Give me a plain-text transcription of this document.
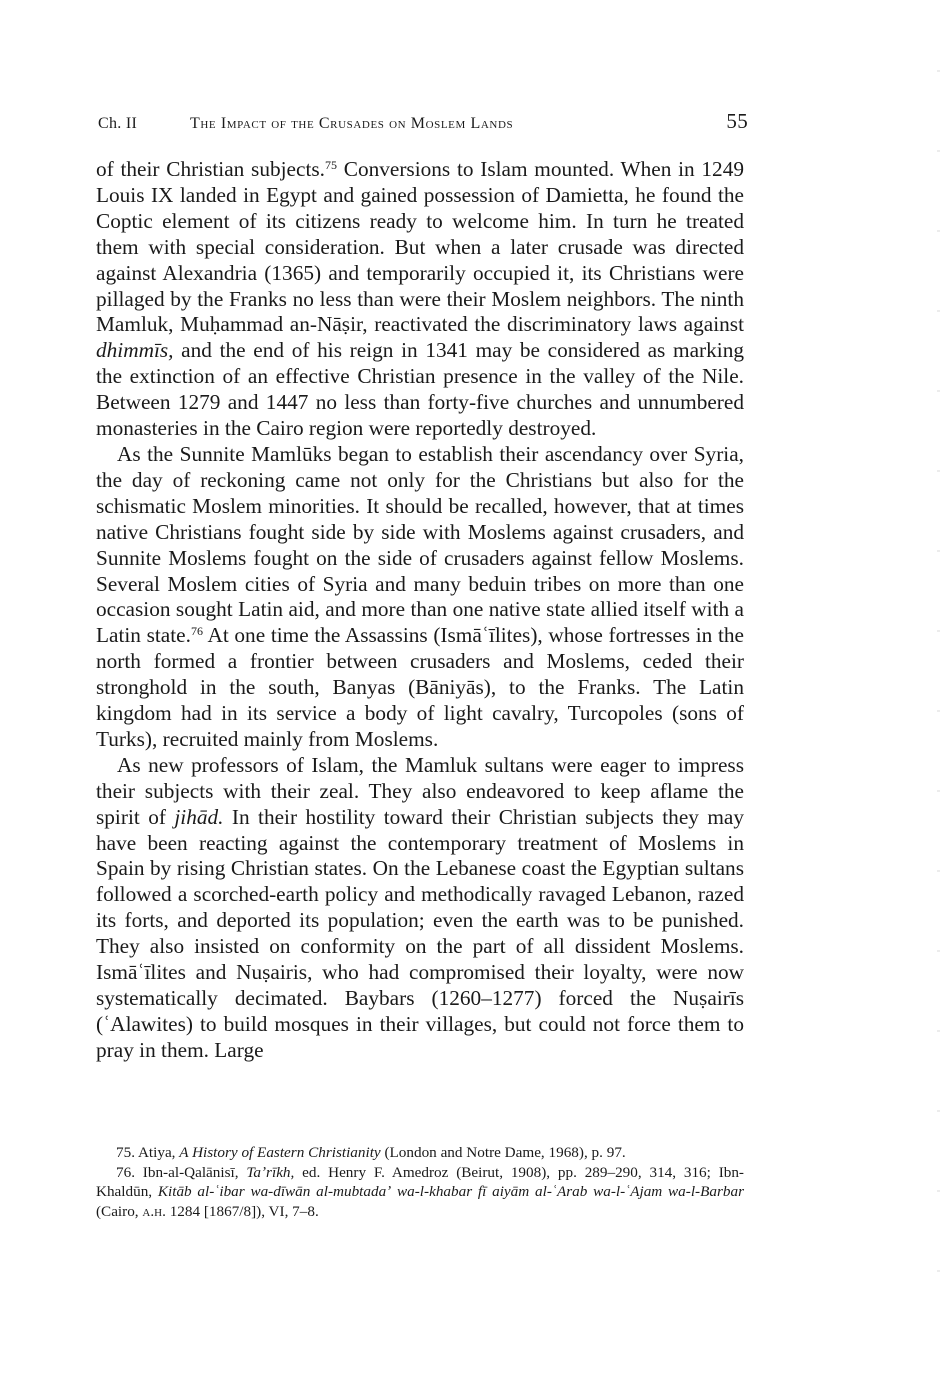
Ch. II	The Impact of the Crusades on Moslem Lands	55

of their Christian subjects.$^{75}$ Conversions to Islam mounted. When in 1249 Louis IX landed in Egypt and gained possession of Damietta, he found the Coptic element of its citizens ready to welcome him. In turn he treated them with special consideration. But when a later crusade was directed against Alexandria (1365) and temporarily occupied it, its Christians were pillaged by the Franks no less than were their Moslem neighbors. The ninth Mamluk, Muḥammad an-Nāṣir, reactivated the discriminatory laws against dhimmīs, and the end of his reign in 1341 may be considered as marking the extinction of an effective Christian presence in the valley of the Nile. Between 1279 and 1447 no less than forty-five churches and unnumbered monasteries in the Cairo region were reportedly destroyed.

As the Sunnite Mamlūks began to establish their ascendancy over Syria, the day of reckoning came not only for the Christians but also for the schismatic Moslem minorities. It should be recalled, however, that at times native Christians fought side by side with Moslems against crusaders, and Sunnite Moslems fought on the side of crusaders against fellow Moslems. Several Moslem cities of Syria and many beduin tribes on more than one occasion sought Latin aid, and more than one native state allied itself with a Latin state.$^{76}$ At one time the Assassins (Ismāʿīlites), whose fortresses in the north formed a frontier between crusaders and Moslems, ceded their stronghold in the south, Banyas (Bāniyās), to the Franks. The Latin kingdom had in its service a body of light cavalry, Turcopoles (sons of Turks), recruited mainly from Moslems.

As new professors of Islam, the Mamluk sultans were eager to impress their subjects with their zeal. They also endeavored to keep aflame the spirit of jihād. In their hostility toward their Christian subjects they may have been reacting against the contemporary treatment of Moslems in Spain by rising Christian states. On the Lebanese coast the Egyptian sultans followed a scorched-earth policy and methodically ravaged Lebanon, razed its forts, and deported its population; even the earth was to be punished. They also insisted on conformity on the part of all dissident Moslems. Ismāʿīlites and Nuṣairis, who had compromised their loyalty, were now systematically decimated. Baybars (1260–1277) forced the Nuṣairīs (ʿAlawites) to build mosques in their villages, but could not force them to pray in them. Large

75. Atiya, A History of Eastern Christianity (London and Notre Dame, 1968), p. 97.

76. Ibn-al-Qalānisī, Taʼrīkh, ed. Henry F. Amedroz (Beirut, 1908), pp. 289–290, 314, 316; Ibn-Khaldūn, Kitāb al-ʿibar wa-dīwān al-mubtadaʼ wa-l-khabar fī aiyām al-ʿArab wa-l-ʿAjam wa-l-Barbar (Cairo, a.h. 1284 [1867/8]), VI, 7–8.
